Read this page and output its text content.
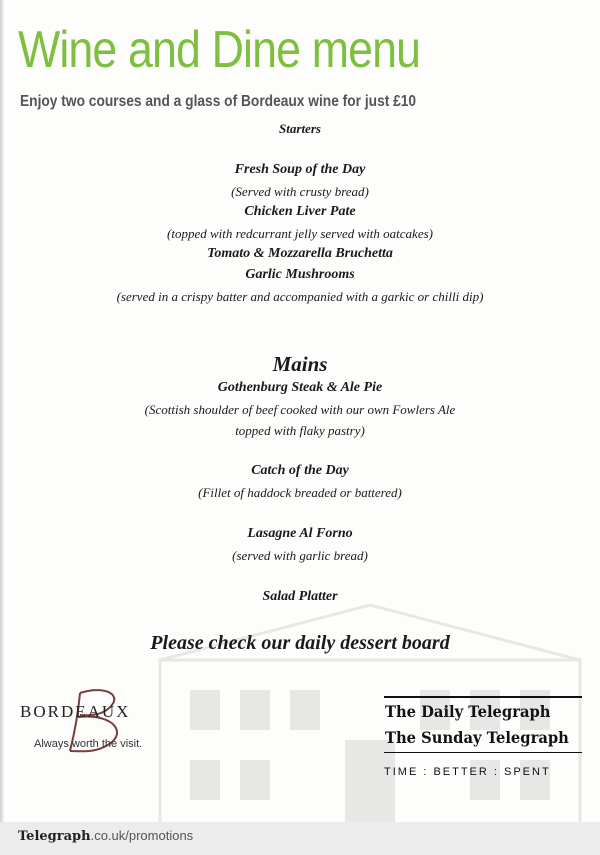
Wine and Dine menu
Enjoy two courses and a glass of Bordeaux wine for just £10
Starters
Fresh Soup of the Day
(Served with crusty bread)
Chicken Liver Pate
(topped with redcurrant jelly served with oatcakes)
Tomato & Mozzarella Bruchetta
Garlic Mushrooms
(served in a crispy batter and accompanied with a garkic or chilli dip)
Mains
Gothenburg Steak & Ale Pie
(Scottish shoulder of beef cooked with our own Fowlers Ale
topped with flaky pastry)
Catch of the Day
(Fillet of haddock breaded or battered)
Lasagne Al Forno
(served with garlic bread)
Salad Platter
Please check our daily dessert board
BORDEAUX
Always worth the visit.
The Daily Telegraph
The Sunday Telegraph
TIME : BETTER : SPENT
Telegraph.co.uk/promotions
